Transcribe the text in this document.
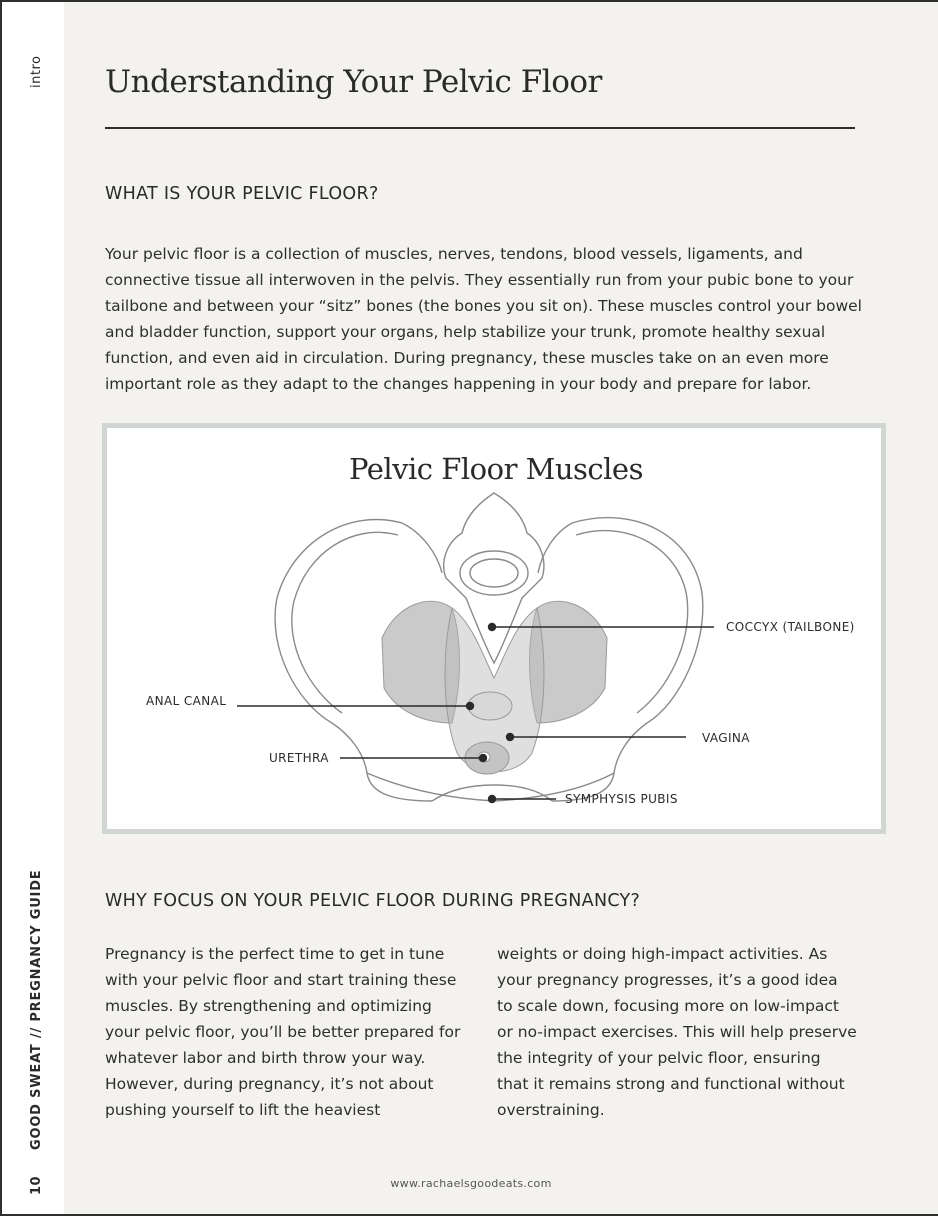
intro
GOOD SWEAT // PREGNANCY GUIDE
10
Understanding Your Pelvic Floor
WHAT IS YOUR PELVIC FLOOR?

Your pelvic floor is a collection of muscles, nerves, tendons, blood vessels, ligaments, and connective tissue all interwoven in the pelvis. They essentially run from your pubic bone to your tailbone and between your “sitz” bones (the bones you sit on). These muscles control your bowel and bladder function, support your organs, help stabilize your trunk, promote healthy sexual function, and even aid in circulation. During pregnancy, these muscles take on an even more important role as they adapt to the changes happening in your body and prepare for labor.

Pelvic Floor Muscles
COCCYX (TAILBONE)
ANAL CANAL
VAGINA
URETHRA
SYMPHYSIS PUBIS
WHY FOCUS ON YOUR PELVIC FLOOR DURING PREGNANCY?

Pregnancy is the perfect time to get in tune with your pelvic floor and start training these muscles. By strengthening and optimizing your pelvic floor, you’ll be better prepared for whatever labor and birth throw your way. However, during pregnancy, it’s not about pushing yourself to lift the heaviest

weights or doing high-impact activities. As your pregnancy progresses, it’s a good idea to scale down, focusing more on low-impact or no-impact exercises. This will help preserve the integrity of your pelvic floor, ensuring that it remains strong and functional without overstraining.

www.rachaelsgoodeats.com
